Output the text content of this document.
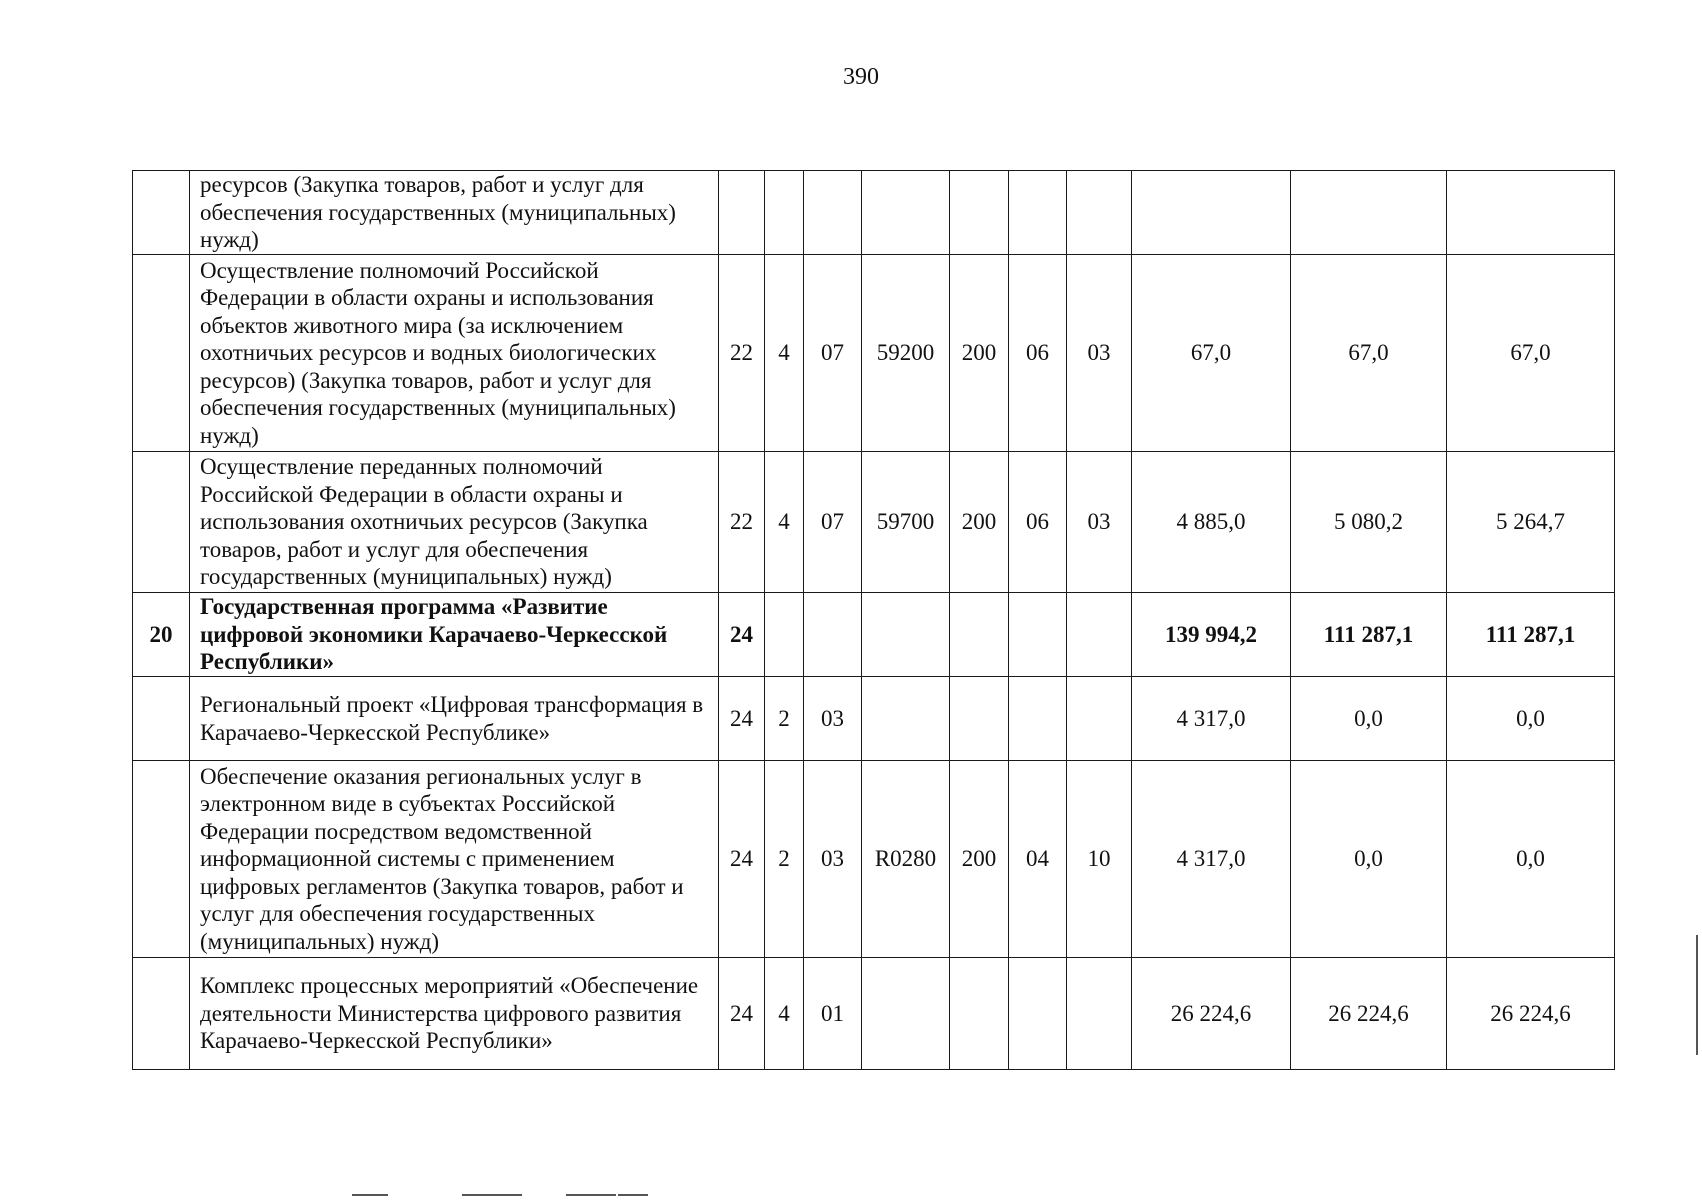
390
	ресурсов (Закупка товаров, работ и услуг для обеспечения государственных (муниципальных) нужд)										
	Осуществление полномочий Российской Федерации в области охраны и использования объектов животного мира (за исключением охотничьих ресурсов и водных биологических ресурсов) (Закупка товаров, работ и услуг для обеспечения государственных (муниципальных) нужд)	22	4	07	59200	200	06	03	67,0	67,0	67,0
	Осуществление переданных полномочий Российской Федерации в области охраны и использования охотничьих ресурсов (Закупка товаров, работ и услуг для обеспечения государственных (муниципальных) нужд)	22	4	07	59700	200	06	03	4 885,0	5 080,2	5 264,7
20	Государственная программа «Развитие цифровой экономики Карачаево-Черкесской Республики»	24							139 994,2	111 287,1	111 287,1
	Региональный проект «Цифровая трансформация в Карачаево-Черкесской Республике»	24	2	03					4 317,0	0,0	0,0
	Обеспечение оказания региональных услуг в электронном виде в субъектах Российской Федерации посредством ведомственной информационной системы с применением цифровых регламентов (Закупка товаров, работ и услуг для обеспечения государственных (муниципальных) нужд)	24	2	03	R0280	200	04	10	4 317,0	0,0	0,0
	Комплекс процессных мероприятий «Обеспечение деятельности Министерства цифрового развития Карачаево-Черкесской Республики»	24	4	01					26 224,6	26 224,6	26 224,6
